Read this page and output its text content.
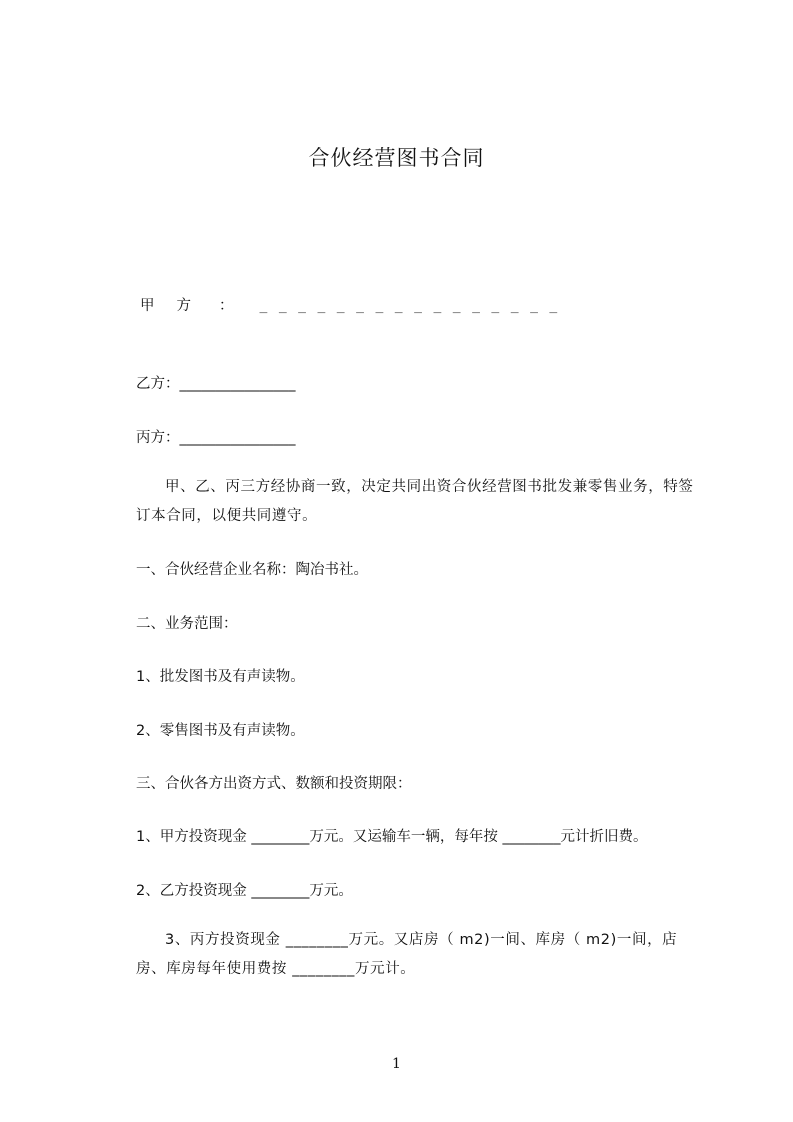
合伙经营图书合同
甲方 ： ________________
乙方：________________
丙方：________________
甲、乙、丙三方经协商一致，决定共同出资合伙经营图书批发兼零售业务，特签订本合同，以便共同遵守。
一、合伙经营企业名称：陶冶书社。
二、业务范围：
1、批发图书及有声读物。
2、零售图书及有声读物。
三、合伙各方出资方式、数额和投资期限：
1、甲方投资现金 ________万元。又运输车一辆，每年按 ________元计折旧费。
2、乙方投资现金 ________万元。
3、丙方投资现金 ________万元。又店房（ m2)一间、库房（ m2)一间，店房、库房每年使用费按 ________万元计。
1
